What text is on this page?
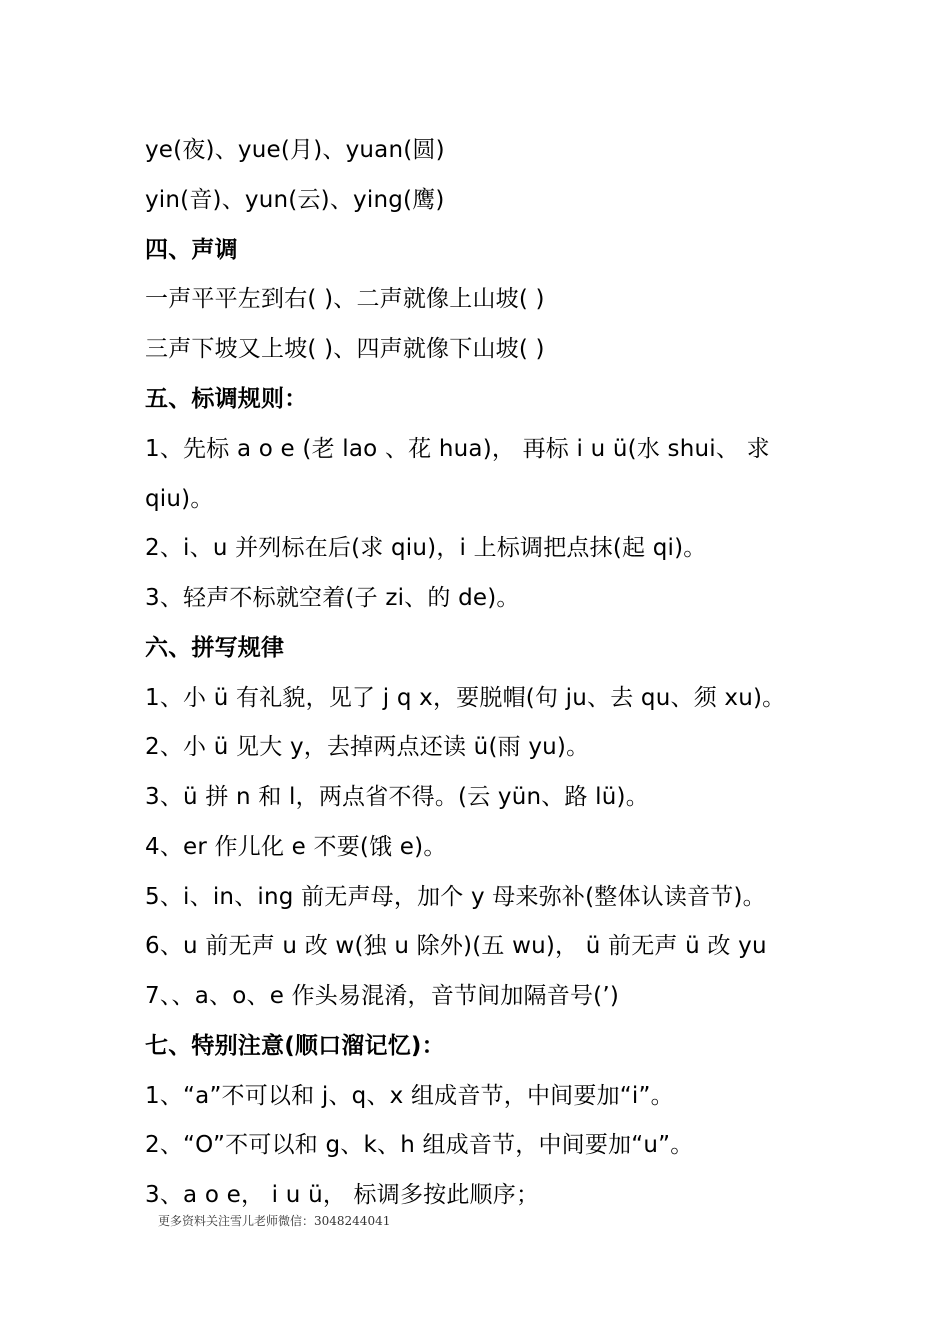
ye(夜)、yue(月)、yuan(圆)
yin(音)、yun(云)、ying(鹰)
四、声调
一声平平左到右( )、二声就像上山坡( )
三声下坡又上坡( )、四声就像下山坡( )
五、标调规则：
1、先标 a o e (老 lao 、花 hua)， 再标 i u ü(水 shui、 求
qiu)。
2、i、u 并列标在后(求 qiu)，i 上标调把点抹(起 qi)。
3、轻声不标就空着(子 zi、的 de)。
六、拼写规律
1、小 ü 有礼貌，见了 j q x，要脱帽(句 ju、去 qu、须 xu)。
2、小 ü 见大 y，去掉两点还读 ü(雨 yu)。
3、ü 拼 n 和 l，两点省不得。(云 yün、路 lü)。
4、er 作儿化 e 不要(饿 e)。
5、i、in、ing 前无声母，加个 y 母来弥补(整体认读音节)。
6、u 前无声 u 改 w(独 u 除外)(五 wu)， ü 前无声 ü 改 yu
7、、a、o、e 作头易混淆，音节间加隔音号(’)
七、特别注意(顺口溜记忆)：
1、“a”不可以和 j、q、x 组成音节，中间要加“i”。
2、“O”不可以和 g、k、h 组成音节，中间要加“u”。
3、a o e， i u ü， 标调多按此顺序；
更多资料关注雪儿老师微信：3048244041
